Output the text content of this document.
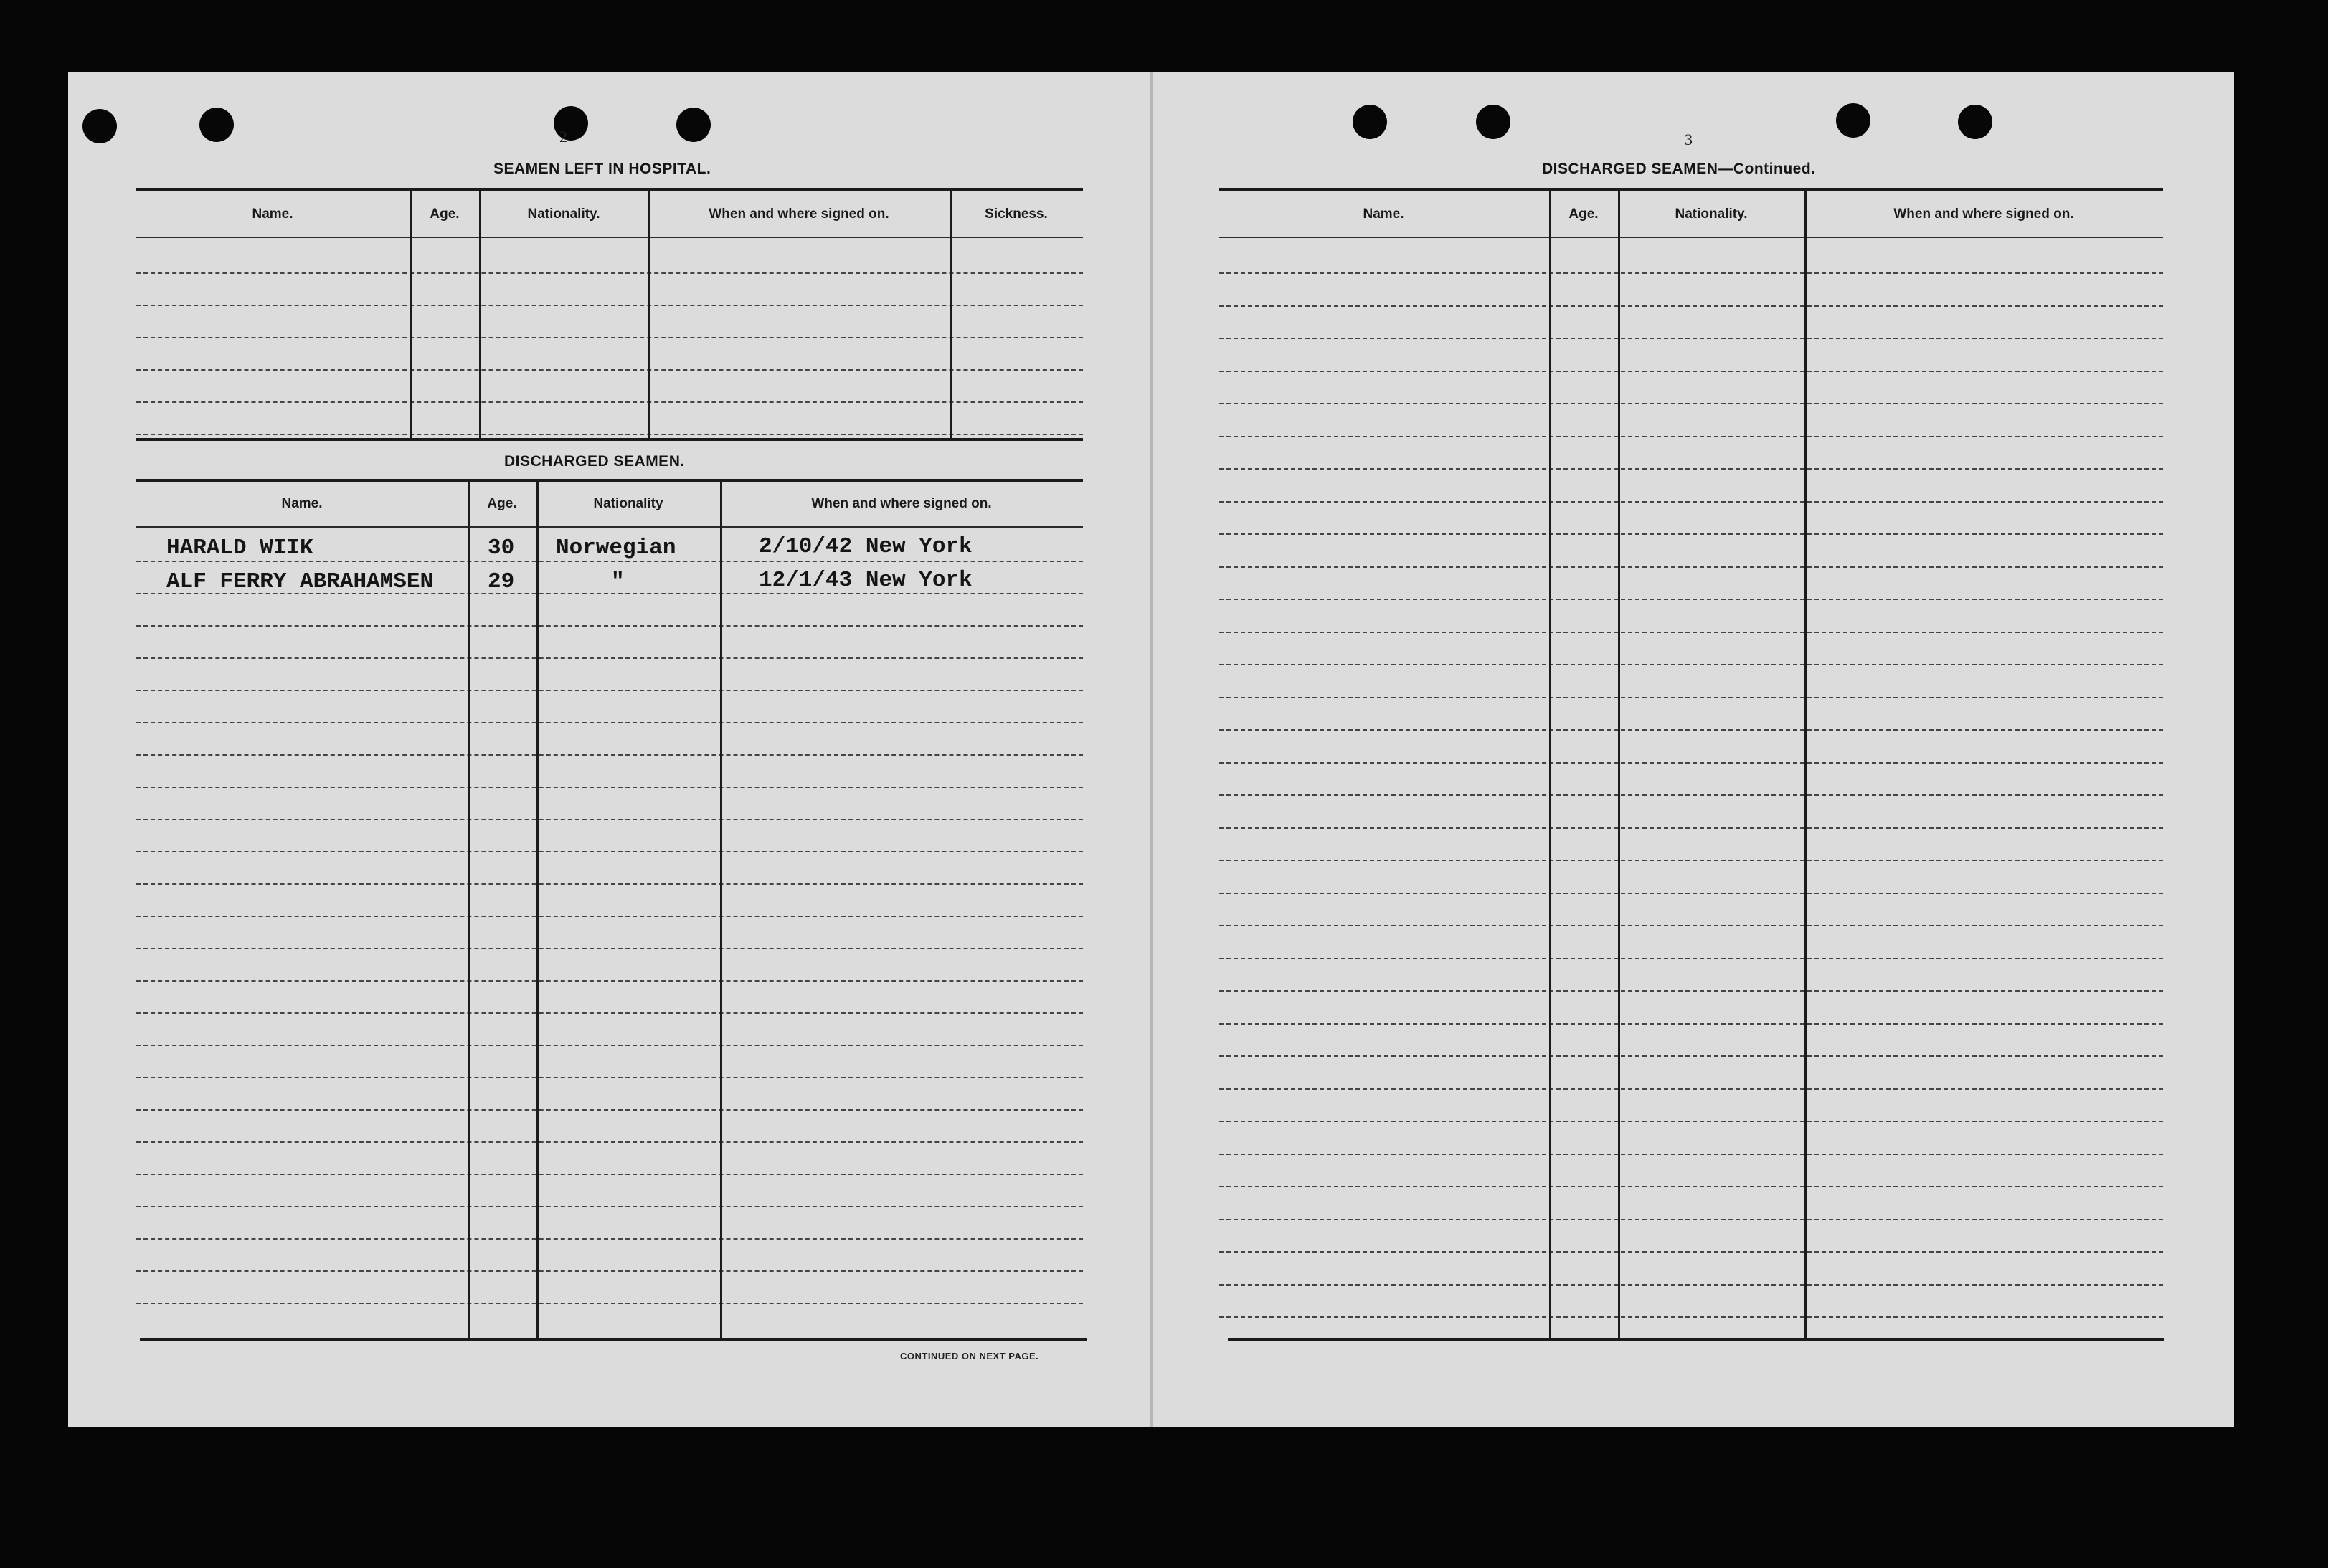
2
SEAMEN LEFT IN HOSPITAL.
Name.	Age.	Nationality.	When and where signed on.	Sickness.
DISCHARGED SEAMEN.
Name.	Age.	Nationality	When and where signed on.
HARALD WIIK	30 Norwegian	2/10/42 New York
ALF FERRY ABRAHAMSEN 29	"	12/1/43 New York
CONTINUED ON NEXT PAGE.
3
DISCHARGED SEAMEN—Continued.
Name.	Age.	Nationality.	When and where signed on.
